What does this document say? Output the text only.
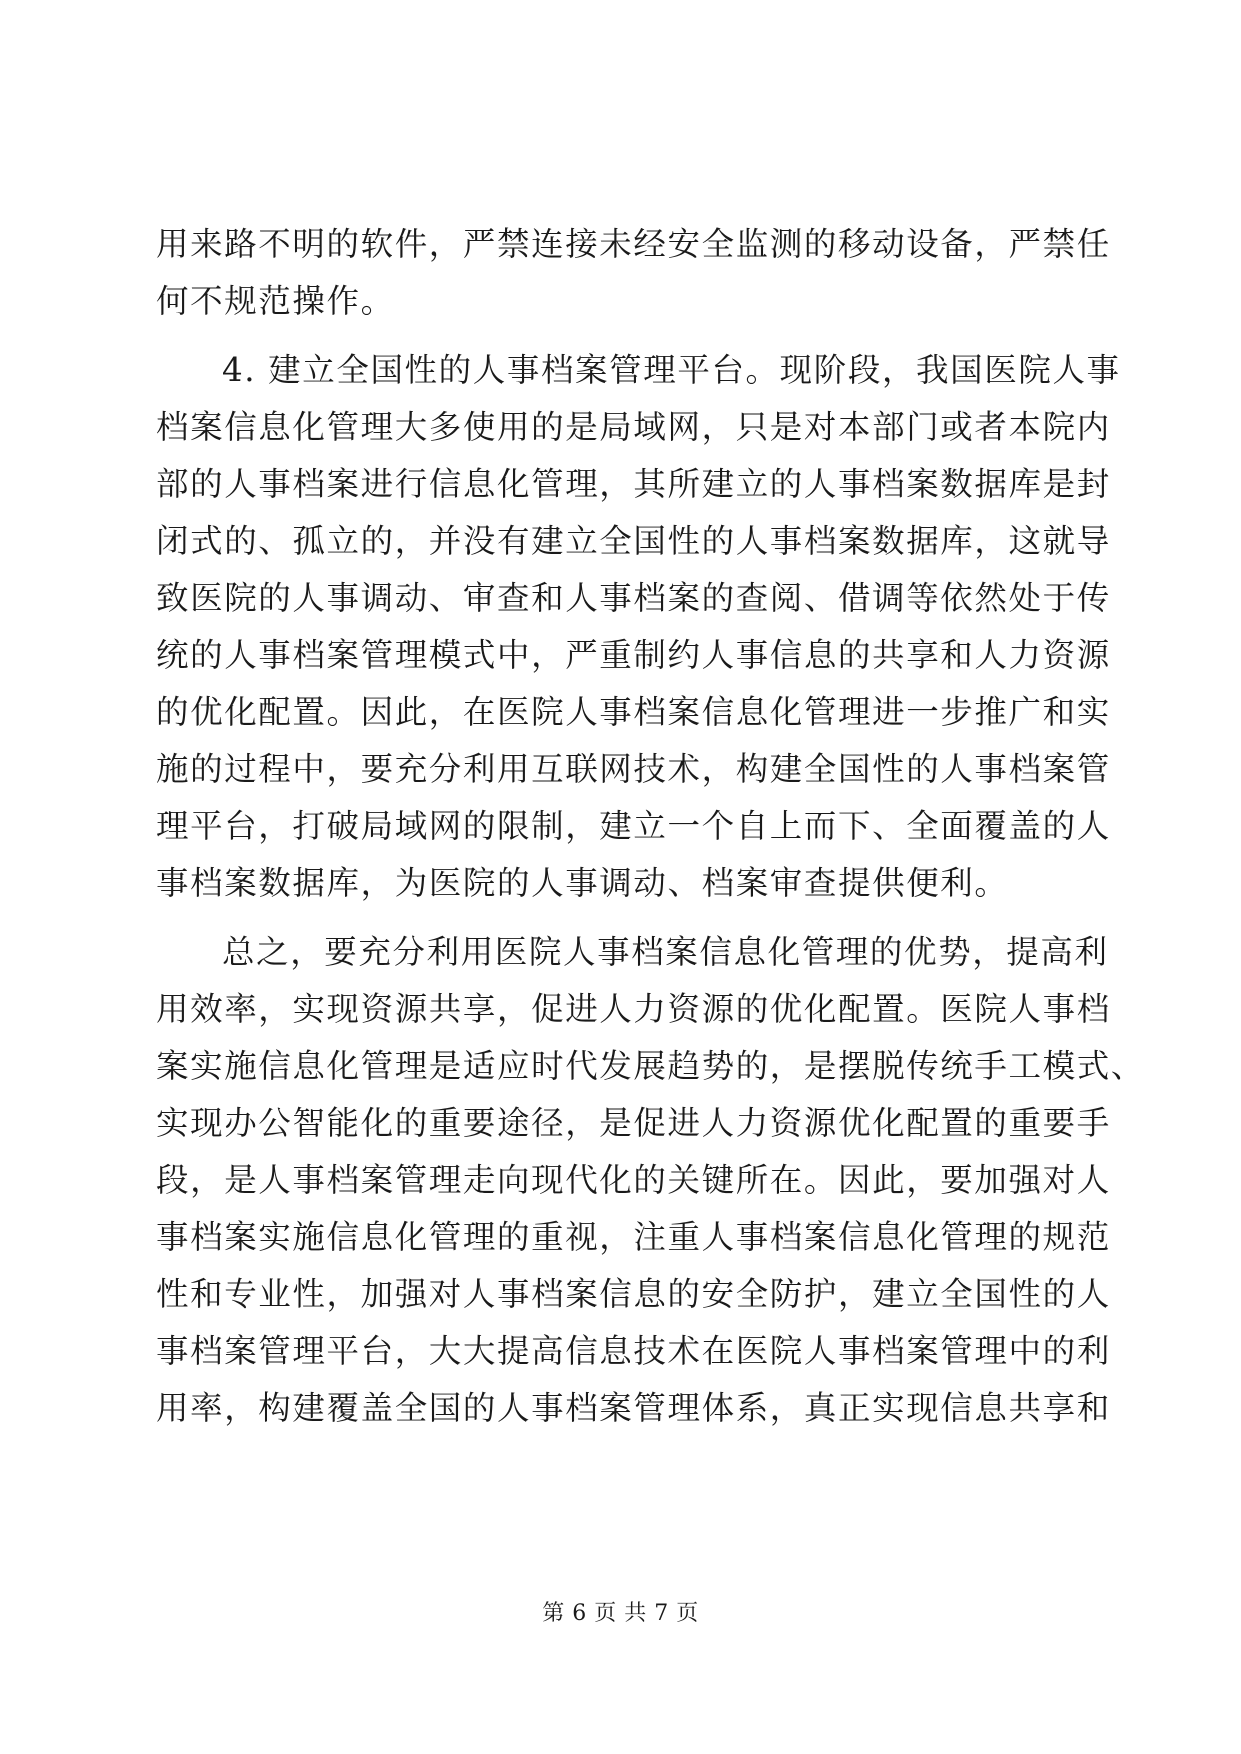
用来路不明的软件，严禁连接未经安全监测的移动设备，严禁任
何不规范操作。
4. 建立全国性的人事档案管理平台。现阶段，我国医院人事
档案信息化管理大多使用的是局域网，只是对本部门或者本院内
部的人事档案进行信息化管理，其所建立的人事档案数据库是封
闭式的、孤立的，并没有建立全国性的人事档案数据库，这就导
致医院的人事调动、审查和人事档案的查阅、借调等依然处于传
统的人事档案管理模式中，严重制约人事信息的共享和人力资源
的优化配置。因此，在医院人事档案信息化管理进一步推广和实
施的过程中，要充分利用互联网技术，构建全国性的人事档案管
理平台，打破局域网的限制，建立一个自上而下、全面覆盖的人
事档案数据库，为医院的人事调动、档案审查提供便利。
总之，要充分利用医院人事档案信息化管理的优势，提高利
用效率，实现资源共享，促进人力资源的优化配置。医院人事档
案实施信息化管理是适应时代发展趋势的，是摆脱传统手工模式、
实现办公智能化的重要途径，是促进人力资源优化配置的重要手
段，是人事档案管理走向现代化的关键所在。因此，要加强对人
事档案实施信息化管理的重视，注重人事档案信息化管理的规范
性和专业性，加强对人事档案信息的安全防护，建立全国性的人
事档案管理平台，大大提高信息技术在医院人事档案管理中的利
用率，构建覆盖全国的人事档案管理体系，真正实现信息共享和
第 6 页 共 7 页
